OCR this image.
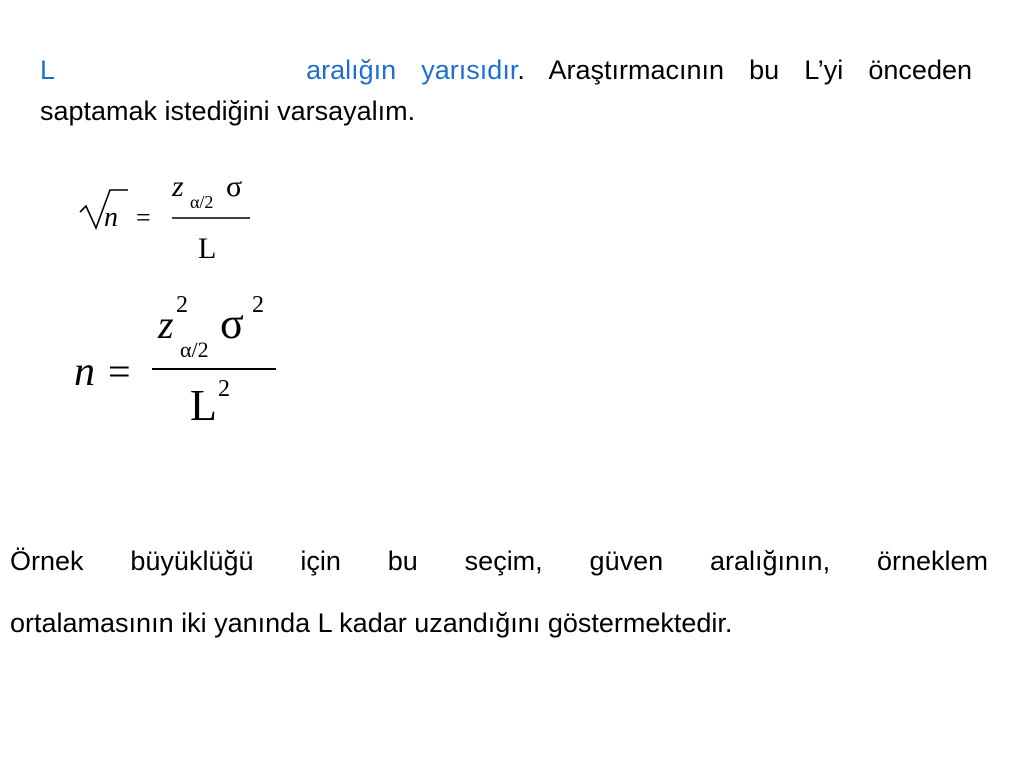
L	aralığın yarısıdır. Araştırmacının bu L’yi önceden
saptamak istediğini varsayalım.
n =
z α/2 σ
L
n =
z 2
α/2
σ 2
L 2
Örnek büyüklüğü için bu seçim, güven aralığının, örneklem
ortalamasının iki yanında L kadar uzandığını göstermektedir.
